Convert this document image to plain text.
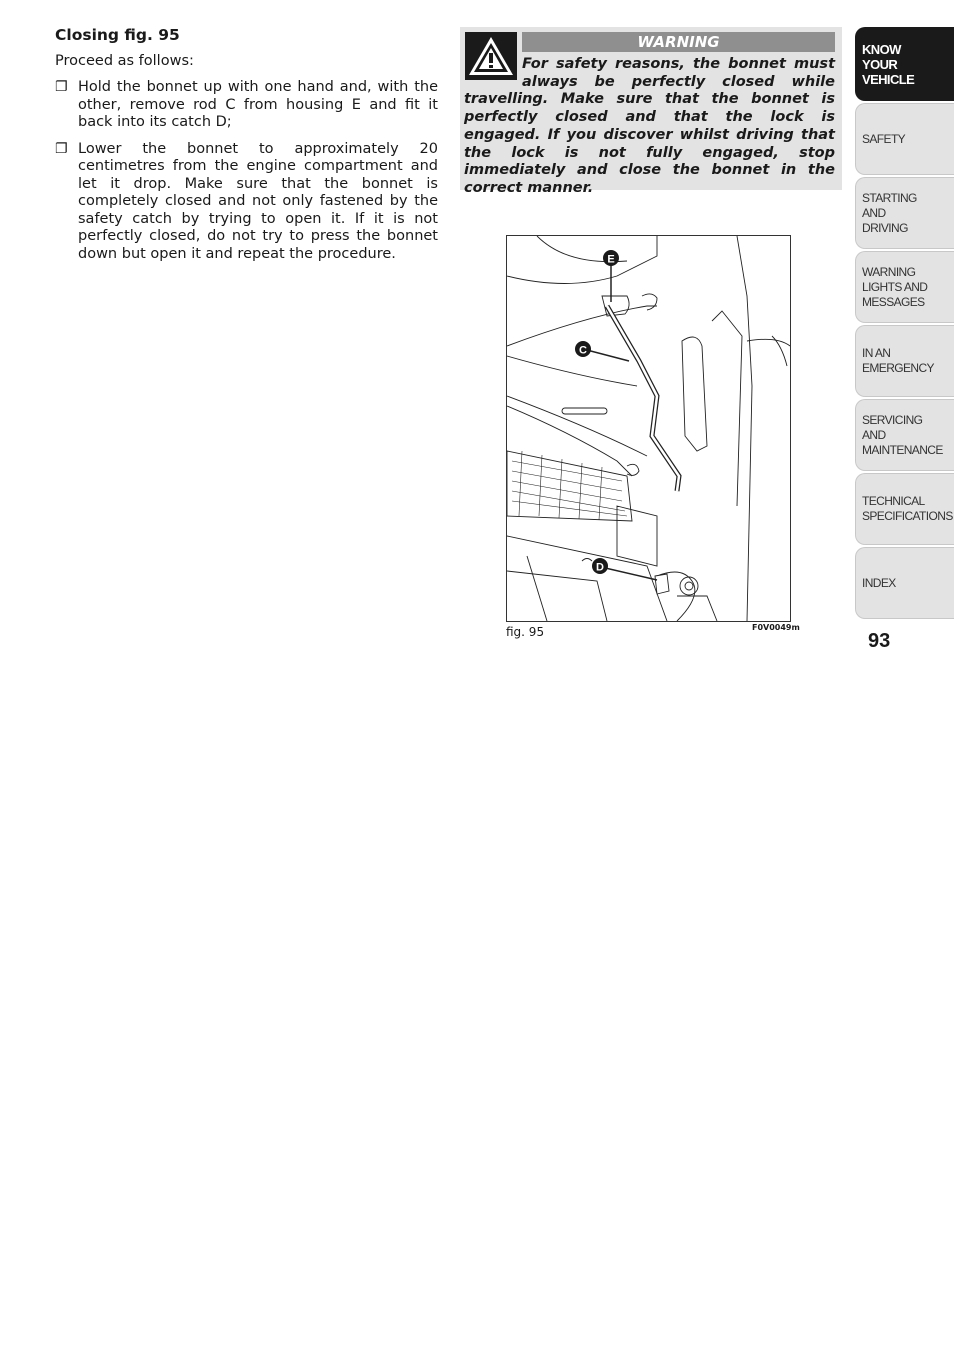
Closing fig. 95
Proceed as follows:
❐ Hold the bonnet up with one hand and, with the other, remove rod C from housing E and fit it back into its catch D;
❐ Lower the bonnet to approximately 20 centimetres from the engine compartment and let it drop. Make sure that the bonnet is completely closed and not only fastened by the safety catch by trying to open it. If it is not perfectly closed, do not try to press the bonnet down but open it and repeat the procedure.
WARNING
For safety reasons, the bonnet must always be perfectly closed while travelling. Make sure that the bonnet is perfectly closed and that the lock is engaged. If you discover whilst driving that the lock is not fully engaged, stop immediately and close the bonnet in the correct manner.
E
C
D
fig. 95	F0V0049m
KNOW
YOUR
VEHICLE
SAFETY
STARTING
AND
DRIVING
WARNING
LIGHTS AND
MESSAGES
IN AN
EMERGENCY
SERVICING
AND
MAINTENANCE
TECHNICAL
SPECIFICATIONS
INDEX
93
